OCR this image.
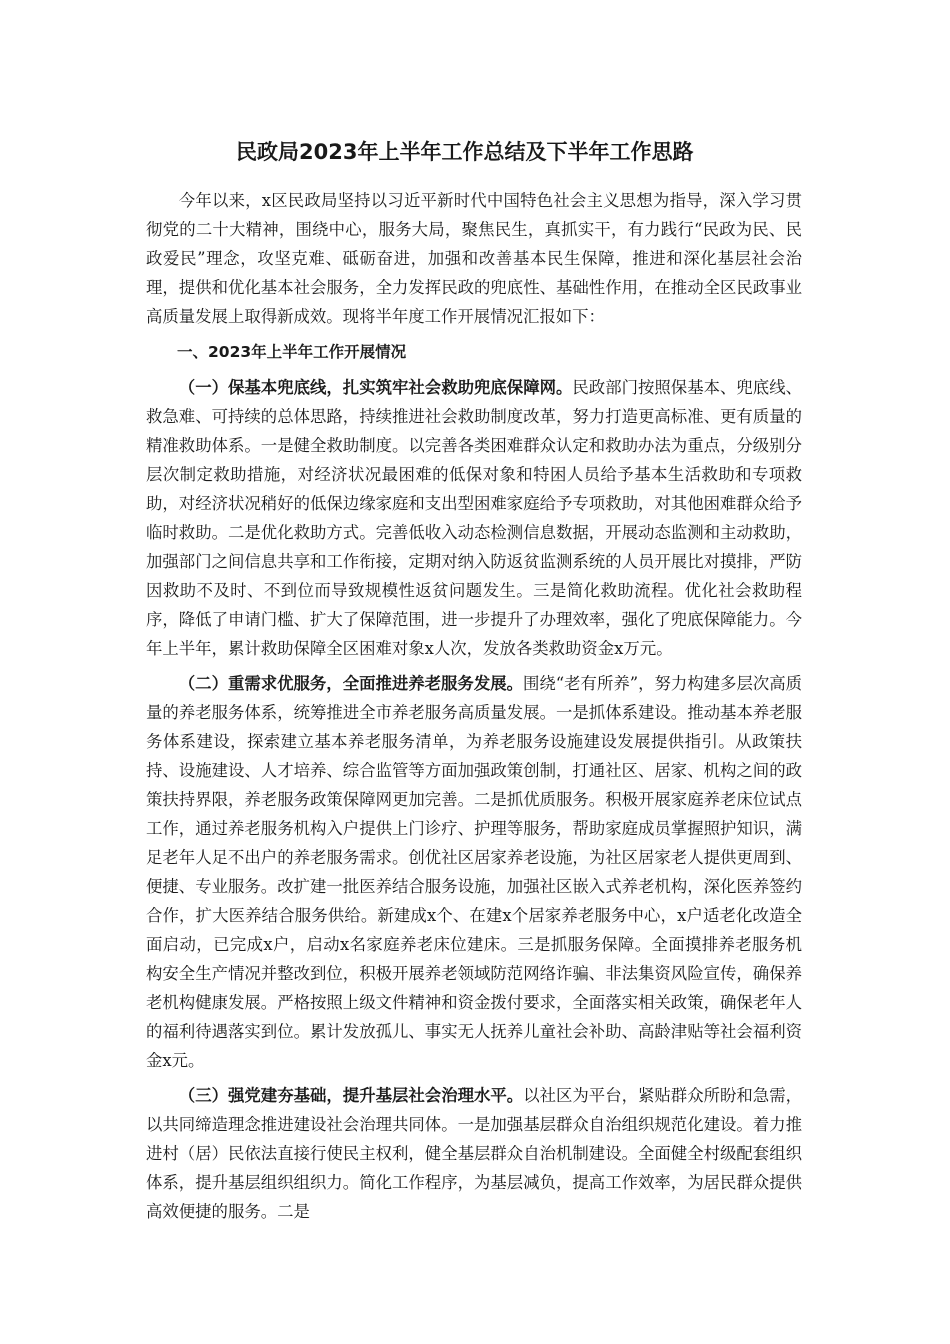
民政局2023年上半年工作总结及下半年工作思路

今年以来，x区民政局坚持以习近平新时代中国特色社会主义思想为指导，深入学习贯彻党的二十大精神，围绕中心，服务大局，聚焦民生，真抓实干，有力践行“民政为民、民政爱民”理念，攻坚克难、砥砺奋进，加强和改善基本民生保障，推进和深化基层社会治理，提供和优化基本社会服务，全力发挥民政的兜底性、基础性作用，在推动全区民政事业高质量发展上取得新成效。现将半年度工作开展情况汇报如下：

一、2023年上半年工作开展情况

（一）保基本兜底线，扎实筑牢社会救助兜底保障网。民政部门按照保基本、兜底线、救急难、可持续的总体思路，持续推进社会救助制度改革，努力打造更高标准、更有质量的精准救助体系。一是健全救助制度。以完善各类困难群众认定和救助办法为重点，分级别分层次制定救助措施，对经济状况最困难的低保对象和特困人员给予基本生活救助和专项救助，对经济状况稍好的低保边缘家庭和支出型困难家庭给予专项救助，对其他困难群众给予临时救助。二是优化救助方式。完善低收入动态检测信息数据，开展动态监测和主动救助，加强部门之间信息共享和工作衔接，定期对纳入防返贫监测系统的人员开展比对摸排，严防因救助不及时、不到位而导致规模性返贫问题发生。三是简化救助流程。优化社会救助程序，降低了申请门槛、扩大了保障范围，进一步提升了办理效率，强化了兜底保障能力。今年上半年，累计救助保障全区困难对象x人次，发放各类救助资金x万元。

（二）重需求优服务，全面推进养老服务发展。围绕“老有所养”，努力构建多层次高质量的养老服务体系，统筹推进全市养老服务高质量发展。一是抓体系建设。推动基本养老服务体系建设，探索建立基本养老服务清单，为养老服务设施建设发展提供指引。从政策扶持、设施建设、人才培养、综合监管等方面加强政策创制，打通社区、居家、机构之间的政策扶持界限，养老服务政策保障网更加完善。二是抓优质服务。积极开展家庭养老床位试点工作，通过养老服务机构入户提供上门诊疗、护理等服务，帮助家庭成员掌握照护知识，满足老年人足不出户的养老服务需求。创优社区居家养老设施，为社区居家老人提供更周到、便捷、专业服务。改扩建一批医养结合服务设施，加强社区嵌入式养老机构，深化医养签约合作，扩大医养结合服务供给。新建成x个、在建x个居家养老服务中心，x户适老化改造全面启动，已完成x户，启动x名家庭养老床位建床。三是抓服务保障。全面摸排养老服务机构安全生产情况并整改到位，积极开展养老领域防范网络诈骗、非法集资风险宣传，确保养老机构健康发展。严格按照上级文件精神和资金拨付要求，全面落实相关政策，确保老年人的福利待遇落实到位。累计发放孤儿、事实无人抚养儿童社会补助、高龄津贴等社会福利资金x元。

（三）强党建夯基础，提升基层社会治理水平。以社区为平台，紧贴群众所盼和急需，以共同缔造理念推进建设社会治理共同体。一是加强基层群众自治组织规范化建设。着力推进村（居）民依法直接行使民主权利，健全基层群众自治机制建设。全面健全村级配套组织体系，提升基层组织组织力。简化工作程序，为基层减负，提高工作效率，为居民群众提供高效便捷的服务。二是
